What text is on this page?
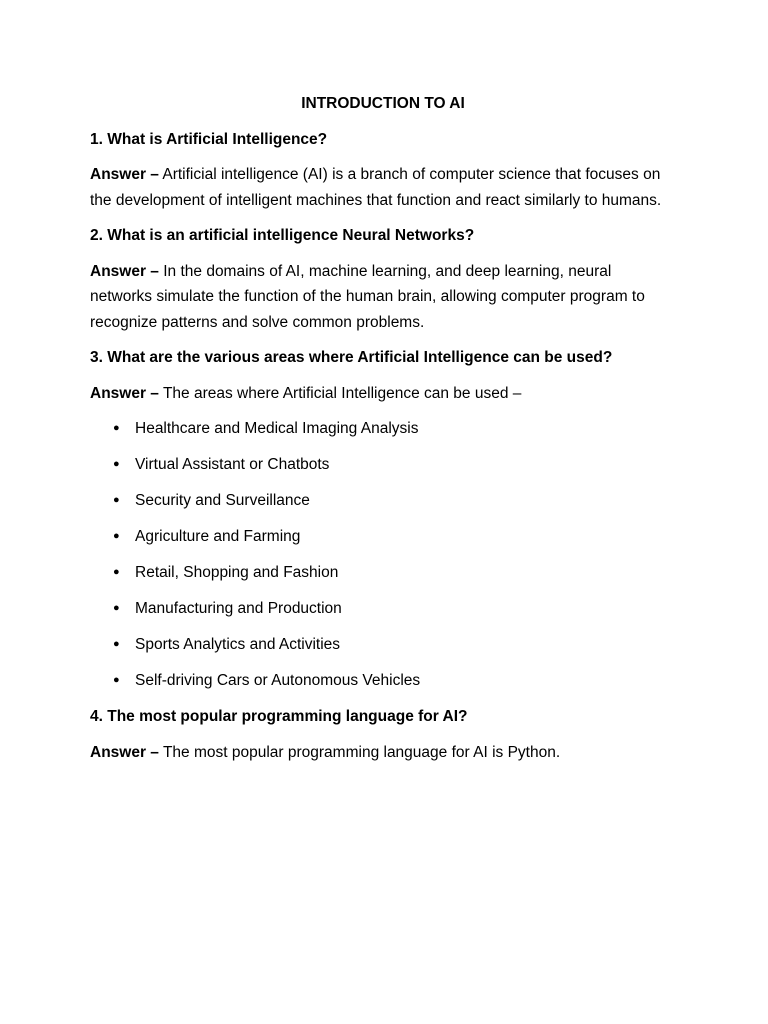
INTRODUCTION TO AI
1. What is Artificial Intelligence?
Answer – Artificial intelligence (AI) is a branch of computer science that focuses on the development of intelligent machines that function and react similarly to humans.
2. What is an artificial intelligence Neural Networks?
Answer – In the domains of AI, machine learning, and deep learning, neural networks simulate the function of the human brain, allowing computer program to recognize patterns and solve common problems.
3. What are the various areas where Artificial Intelligence can be used?
Answer – The areas where Artificial Intelligence can be used –
● Healthcare and Medical Imaging Analysis
● Virtual Assistant or Chatbots
● Security and Surveillance
● Agriculture and Farming
● Retail, Shopping and Fashion
● Manufacturing and Production
● Sports Analytics and Activities
● Self-driving Cars or Autonomous Vehicles
4. The most popular programming language for AI?
Answer – The most popular programming language for AI is Python.
